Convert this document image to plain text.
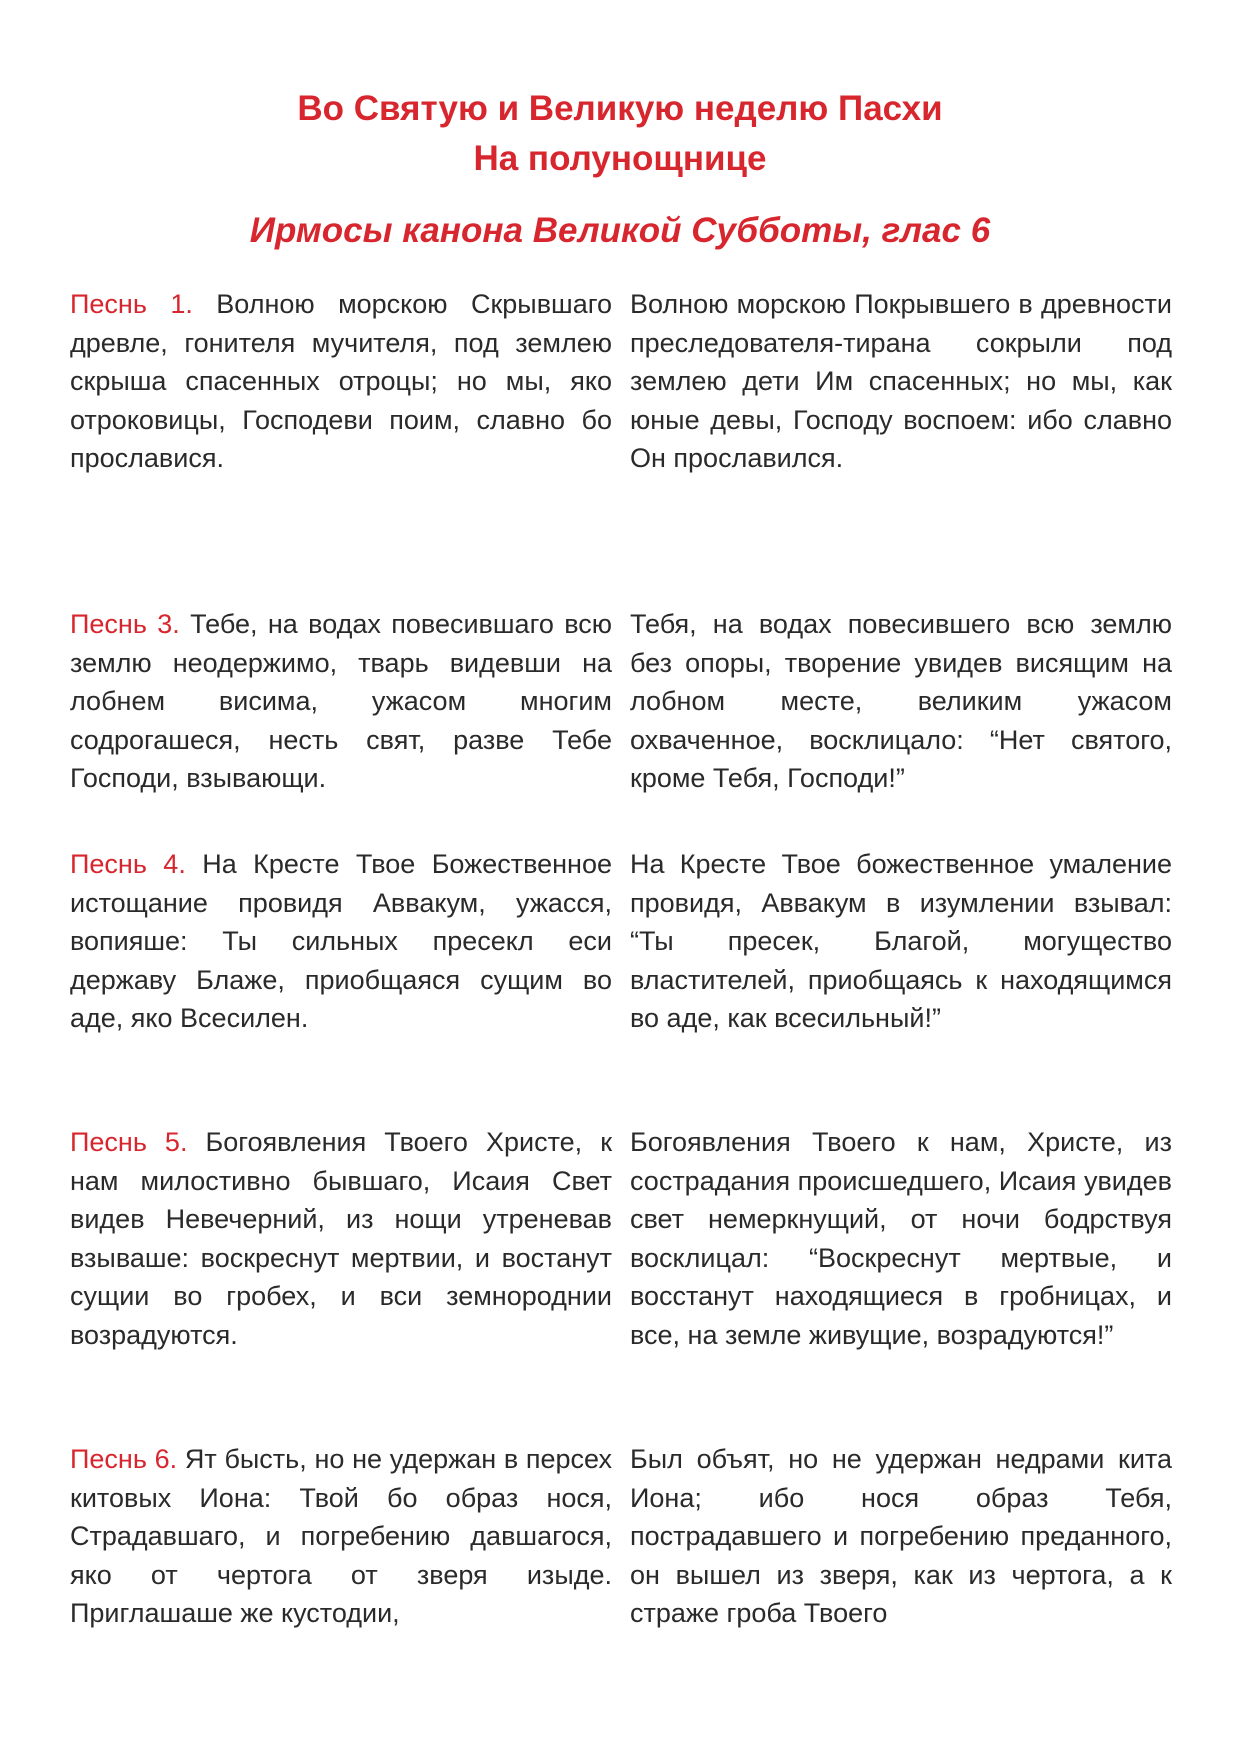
Во Святую и Великую неделю Пасхи
На полунощнице
Ирмосы канона Великой Субботы, глас 6
Песнь 1. Волною морскою Скрывшаго древле, гонителя мучителя, под землею скрыша спасенных отроцы; но мы, яко отроковицы, Господеви поим, славно бо прославися.
Волною морскою Покрывшего в древности преследователя-тирана сокрыли под землею дети Им спасенных; но мы, как юные девы, Господу воспоем: ибо славно Он прославился.
Песнь 3. Тебе, на водах повесившаго всю землю неодержимо, тварь видевши на лобнем висима, ужасом многим содрогашеся, несть свят, разве Тебе Господи, взывающи.
Тебя, на водах повесившего всю землю без опоры, творение увидев висящим на лобном месте, великим ужасом охваченное, восклицало: “Нет святого, кроме Тебя, Господи!”
Песнь 4. На Кресте Твое Божественное истощание провидя Аввакум, ужасся, вопияше: Ты сильных пресекл еси державу Блаже, приобщаяся сущим во аде, яко Всесилен.
На Кресте Твое божественное умаление провидя, Аввакум в изумлении взывал: “Ты пресек, Благой, могущество властителей, приобщаясь к находящимся во аде, как всесильный!”
Песнь 5. Богоявления Твоего Христе, к нам милостивно бывшаго, Исаия Свет видев Невечерний, из нощи утреневав взываше: воскреснут мертвии, и востанут сущии во гробех, и вси земнороднии возрадуются.
Богоявления Твоего к нам, Христе, из сострадания происшедшего, Исаия увидев свет немеркнущий, от ночи бодрствуя восклицал: “Воскреснут мертвые, и восстанут находящиеся в гробницах, и все, на земле живущие, возрадуются!”
Песнь 6. Ят бысть, но не удержан в персех китовых Иона: Твой бо образ нося, Страдавшаго, и погребению давшагося, яко от чертога от зверя изыде. Приглашаше же кустодии,
Был объят, но не удержан недрами кита Иона; ибо нося образ Тебя, пострадавшего и погребению преданного, он вышел из зверя, как из чертога, а к страже гроба Твоего
